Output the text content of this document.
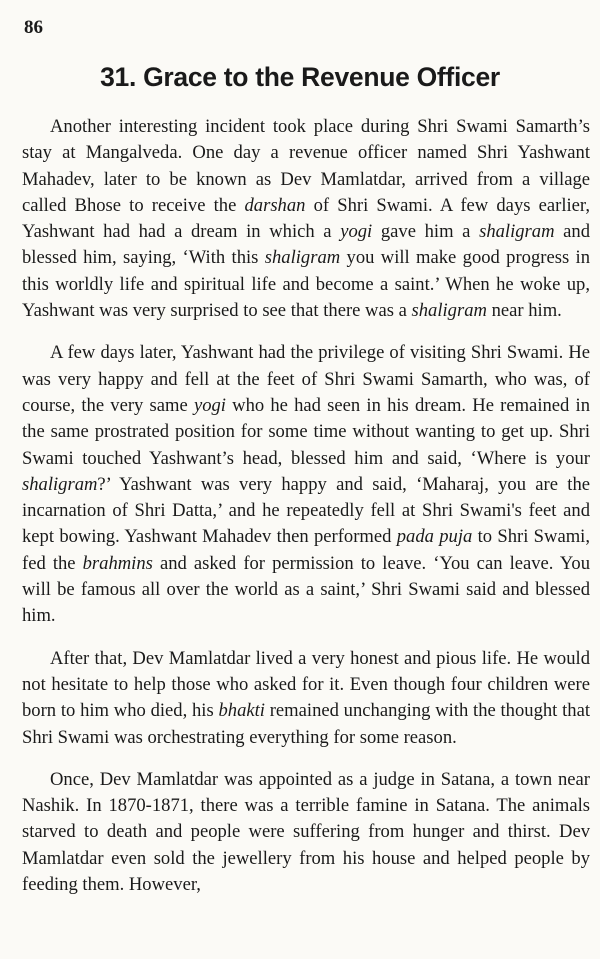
86
31. Grace to the Revenue Officer

Another interesting incident took place during Shri Swami Samarth’s stay at Mangalveda. One day a revenue officer named Shri Yashwant Mahadev, later to be known as Dev Mamlatdar, arrived from a village called Bhose to receive the darshan of Shri Swami. A few days earlier, Yashwant had had a dream in which a yogi gave him a shaligram and blessed him, saying, ‘With this shaligram you will make good progress in this worldly life and spiritual life and become a saint.’ When he woke up, Yashwant was very surprised to see that there was a shaligram near him.

A few days later, Yashwant had the privilege of visiting Shri Swami. He was very happy and fell at the feet of Shri Swami Samarth, who was, of course, the very same yogi who he had seen in his dream. He remained in the same prostrated position for some time without wanting to get up. Shri Swami touched Yashwant’s head, blessed him and said, ‘Where is your shaligram?’ Yashwant was very happy and said, ‘Maharaj, you are the incarnation of Shri Datta,’ and he repeatedly fell at Shri Swami's feet and kept bowing. Yashwant Mahadev then performed pada puja to Shri Swami, fed the brahmins and asked for permission to leave. ‘You can leave. You will be famous all over the world as a saint,’ Shri Swami said and blessed him.

After that, Dev Mamlatdar lived a very honest and pious life. He would not hesitate to help those who asked for it. Even though four children were born to him who died, his bhakti remained unchanging with the thought that Shri Swami was orchestrating everything for some reason.

Once, Dev Mamlatdar was appointed as a judge in Satana, a town near Nashik. In 1870-1871, there was a terrible famine in Satana. The animals starved to death and people were suffering from hunger and thirst. Dev Mamlatdar even sold the jewellery from his house and helped people by feeding them. However,
